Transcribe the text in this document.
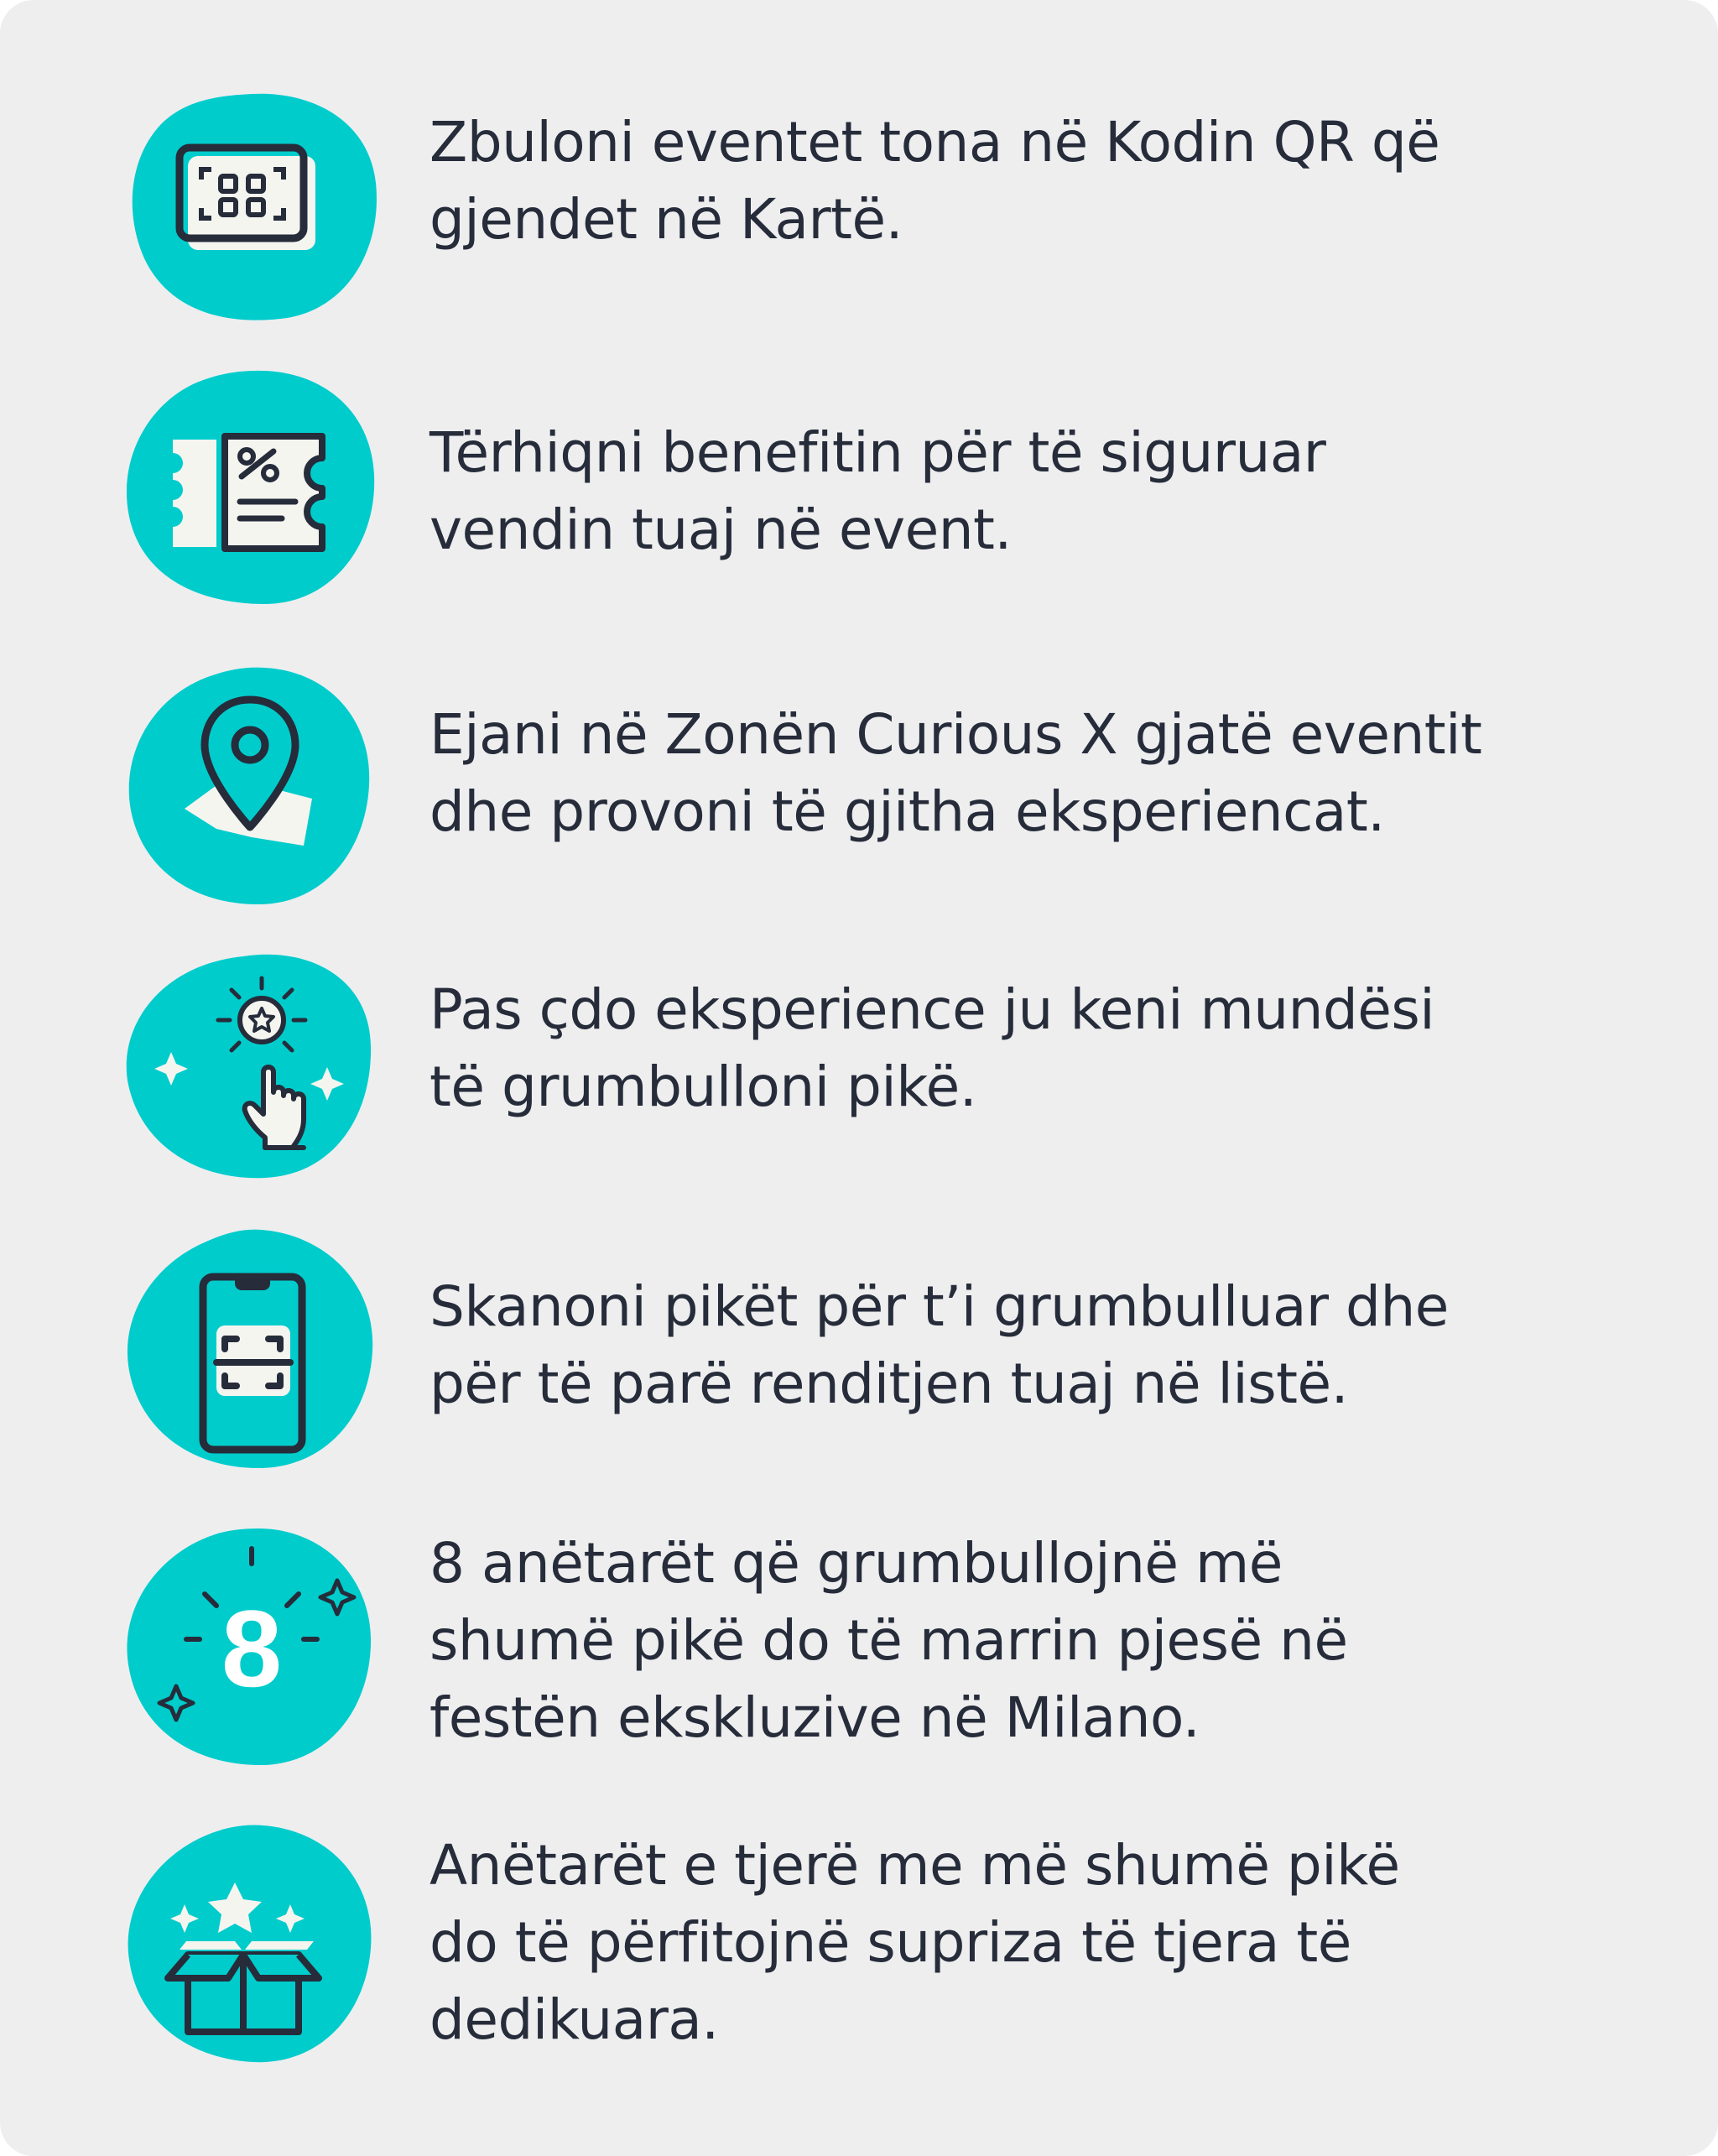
Zbuloni eventet tona në Kodin QR që
gjendet në Kartë.
Tërhiqni benefitin për të siguruar
vendin tuaj në event.
Ejani në Zonën Curious X gjatë eventit
dhe provoni të gjitha eksperiencat.
Pas çdo eksperience ju keni mundësi
të grumbulloni pikë.
Skanoni pikët për t’i grumbulluar dhe
për të parë renditjen tuaj në listë.
8
8 anëtarët që grumbullojnë më
shumë pikë do të marrin pjesë në
festën ekskluzive në Milano.
Anëtarët e tjerë me më shumë pikë
do të përfitojnë supriza të tjera të
dedikuara.
